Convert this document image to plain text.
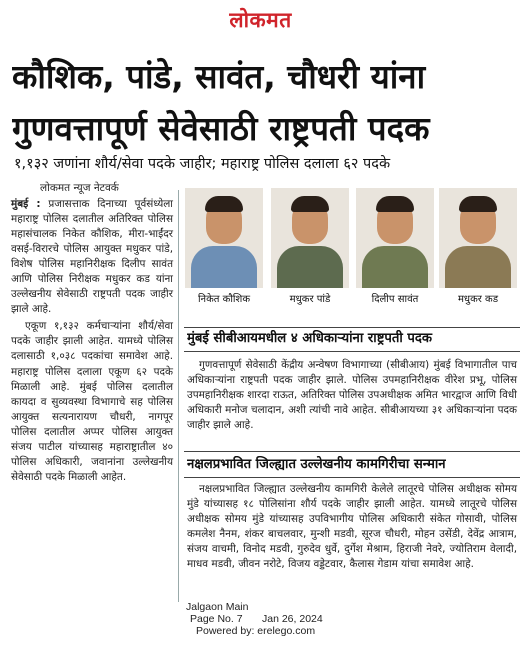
लोकमत
कौशिक, पांडे, सावंत, चौधरी यांना
गुणवत्तापूर्ण सेवेसाठी राष्ट्रपती पदक
१,१३२ जणांना शौर्य/सेवा पदके जाहीर; महाराष्ट्र पोलिस दलाला ६२ पदके
लोकमत न्यूज नेटवर्क

मुंबई : प्रजासत्ताक दिनाच्या पूर्वसंध्येला महाराष्ट्र पोलिस दलातील अतिरिक्त पोलिस महासंचालक निकेत कौशिक, मीरा-भाईंदर वसई-विरारचे पोलिस आयुक्त मधुकर पांडे, विशेष पोलिस महानिरीक्षक दिलीप सावंत आणि पोलिस निरीक्षक मधुकर कड यांना उल्लेखनीय सेवेसाठी राष्ट्रपती पदक जाहीर झाले आहे.

एकूण १,१३२ कर्मचाऱ्यांना शौर्य/सेवा पदके जाहीर झाली आहेत. यामध्ये पोलिस दलासाठी १,०३८ पदकांचा समावेश आहे. महाराष्ट्र पोलिस दलाला एकूण ६२ पदके मिळाली आहे. मुंबई पोलिस दलातील कायदा व सुव्यवस्था विभागाचे सह पोलिस आयुक्त सत्यनारायण चौधरी, नागपूर पोलिस दलातील अप्पर पोलिस आयुक्त संजय पाटील यांच्यासह महाराष्ट्रातील ४० पोलिस अधिकारी, जवानांना उल्लेखनीय सेवेसाठी पदके मिळाली आहेत.

निकेत कौशिक	मधुकर पांडे	दिलीप सावंत	मधुकर कड
मुंबई सीबीआयमधील ४ अधिकाऱ्यांना राष्ट्रपती पदक

गुणवत्तापूर्ण सेवेसाठी केंद्रीय अन्वेषण विभागाच्या (सीबीआय) मुंबई विभागातील पाच अधिकाऱ्यांना राष्ट्रपती पदक जाहीर झाले. पोलिस उपमहानिरीक्षक वीरेश प्रभू, पोलिस उपमहानिरीक्षक शारदा राऊत, अतिरिक्त पोलिस उपअधीक्षक अमित भारद्वाज आणि विधी अधिकारी मनोज चलादान, अशी त्यांची नावे आहेत. सीबीआयच्या ३१ अधिकाऱ्यांना पदक जाहीर झाले आहे.

नक्षलप्रभावित जिल्ह्यात उल्लेखनीय कामगिरीचा सन्मान

नक्षलप्रभावित जिल्ह्यात उल्लेखनीय कामगिरी केलेले लातूरचे पोलिस अधीक्षक सोमय मुंडे यांच्यासह १८ पोलिसांना शौर्य पदके जाहीर झाली आहेत. यामध्ये लातूरचे पोलिस अधीक्षक सोमय मुंडे यांच्यासह उपविभागीय पोलिस अधिकारी संकेत गोसावी, पोलिस कमलेश नैनम, शंकर बाचलवार, मुन्शी मडवी, सूरज चौधरी, मोहन उसेंडी, देवेंद्र आत्राम, संजय वाचमी, विनोद मडवी, गुरुदेव धुर्वे, दुर्गेश मेश्राम, हिराजी नेवरे, ज्योतिराम वेलादी, माधव मडवी, जीवन नरोटे, विजय वड्डेटवार, कैलास गेडाम यांचा समावेश आहे.

Jalgaon Main
Page No. 7 Jan 26, 2024
Powered by: erelego.com
